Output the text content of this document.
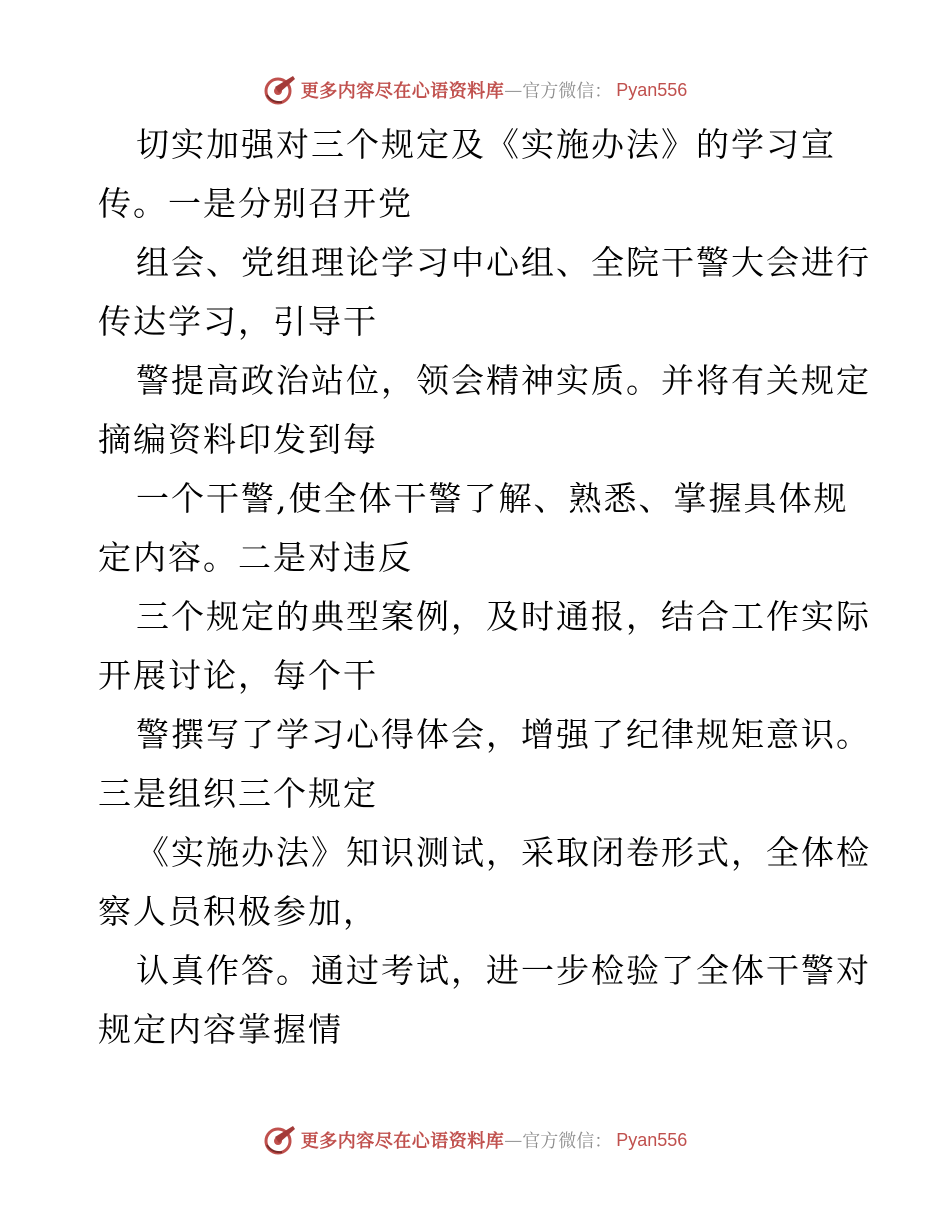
更多内容尽在心语资料库 — 官方微信： Pyan556
切实加强对三个规定及《实施办法》的学习宣
传。一是分别召开党
组会、党组理论学习中心组、全院干警大会进行
传达学习，引导干
警提高政治站位，领会精神实质。并将有关规定
摘编资料印发到每
一个干警,使全体干警了解、熟悉、掌握具体规
定内容。二是对违反
三个规定的典型案例，及时通报，结合工作实际
开展讨论，每个干
警撰写了学习心得体会，增强了纪律规矩意识。
三是组织三个规定
《实施办法》知识测试，采取闭卷形式，全体检
察人员积极参加，
认真作答。通过考试，进一步检验了全体干警对
规定内容掌握情
更多内容尽在心语资料库 — 官方微信： Pyan556
